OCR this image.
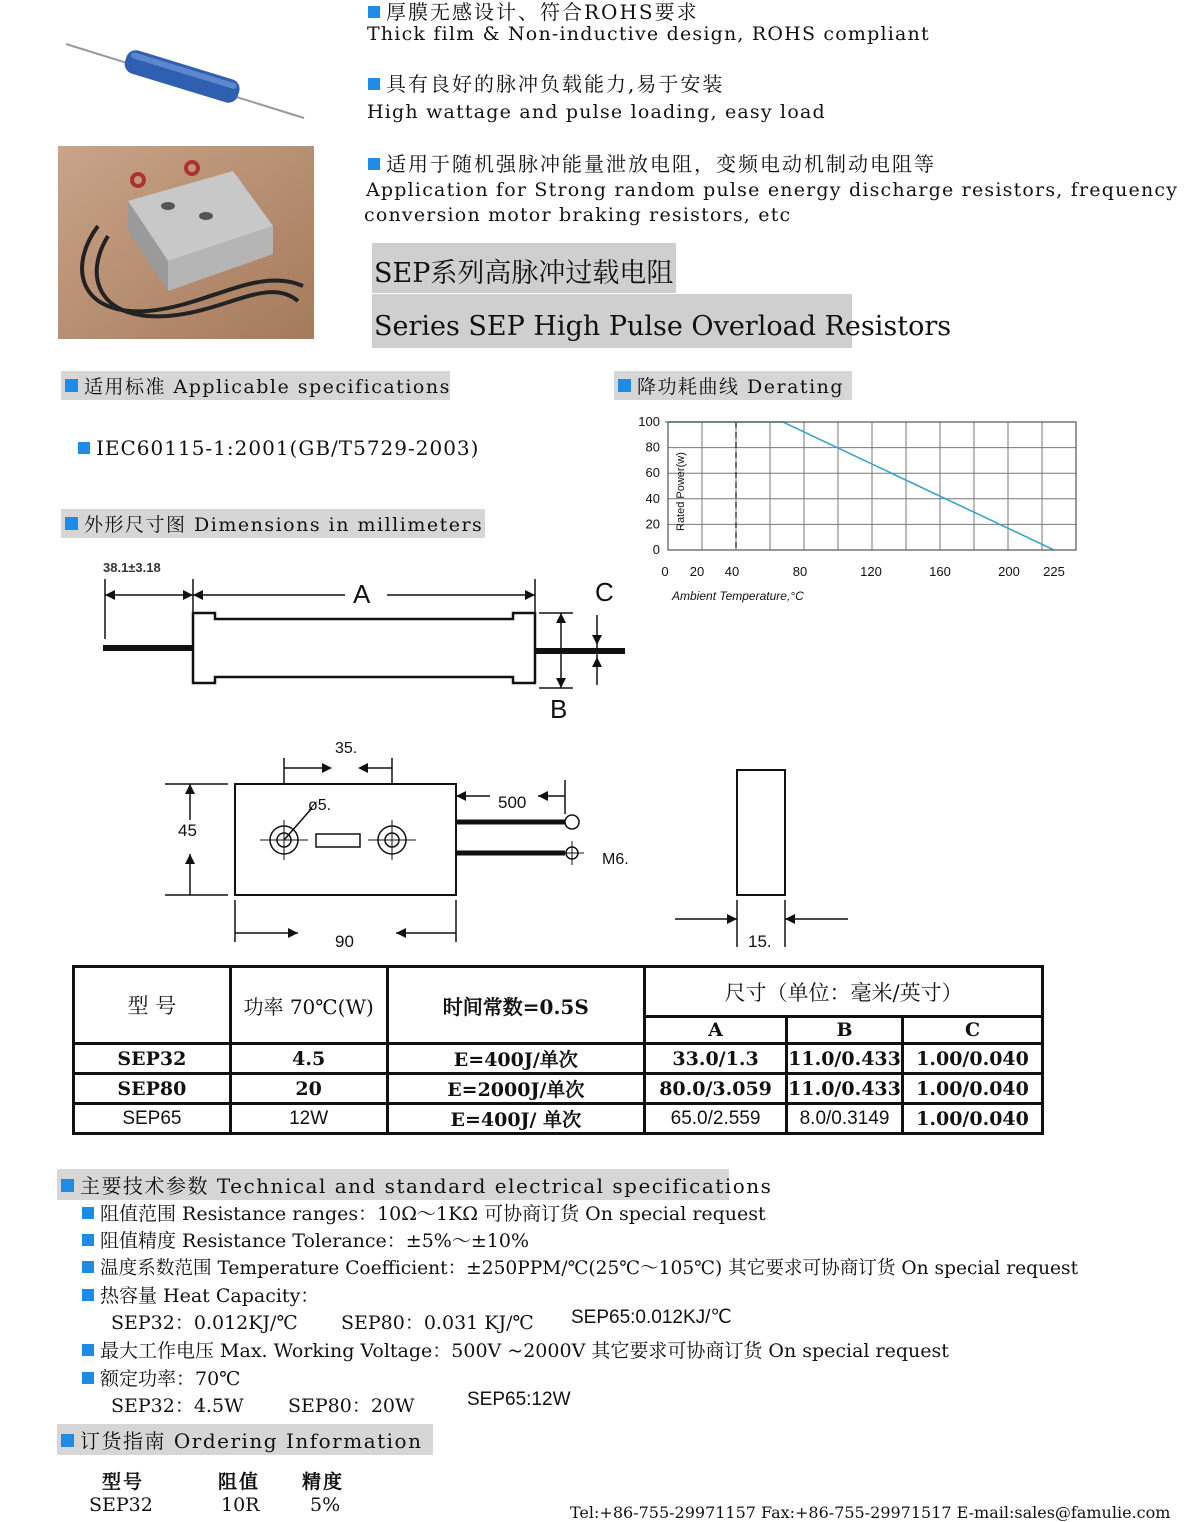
厚膜无感设计、符合ROHS要求
Thick film & Non-inductive design, ROHS compliant
具有良好的脉冲负载能力,易于安装
High wattage and pulse loading, easy load
适用于随机强脉冲能量泄放电阻，变频电动机制动电阻等
Application for Strong random pulse energy discharge resistors, frequency
conversion motor braking resistors, etc
SEP系列高脉冲过载电阻
Series SEP High Pulse Overload Resistors
适用标准 Applicable specifications	降功耗曲线 Derating
IEC60115-1:2001(GB/T5729-2003)
外形尺寸图 Dimensions in millimeters
0
20
40
60
80
100
0 20 40	80	120	160	200 225
Rated Power(w)
Ambient Temperature,°C
38.1±3.18
A
B
C
35.
45
ø5.	500
M6.
90	15.
型 号	功率 70℃(W)	时间常数=0.5S	尺寸（单位：毫米/英寸）		
			A	B	C
SEP32	4.5	E=400J/单次	33.0/1.3	11.0/0.433	1.00/0.040
SEP80	20	E=2000J/单次	80.0/3.059	11.0/0.433	1.00/0.040
SEP65	12W	E=400J/ 单次	65.0/2.559	8.0/0.3149	1.00/0.040
主要技术参数 Technical and standard electrical specifications
阻值范围 Resistance ranges：10Ω～1KΩ 可协商订货 On special request
阻值精度 Resistance Tolerance：±5%～±10%
温度系数范围 Temperature Coefficient：±250PPM/℃(25℃～105℃) 其它要求可协商订货 On special request
热容量 Heat Capacity：
SEP32：0.012KJ/℃ SEP80：0.031 KJ/℃ SEP65:0.012KJ/℃
最大工作电压 Max. Working Voltage：500V ~2000V 其它要求可协商订货 On special request
额定功率：70℃
SEP32：4.5W SEP80：20W	SEP65:12W
订货指南 Ordering Information
型号	阻值 精度
SEP32	10R	5%	Tel:+86-755-29971157 Fax:+86-755-29971517 E-mail:sales@famulie.com
